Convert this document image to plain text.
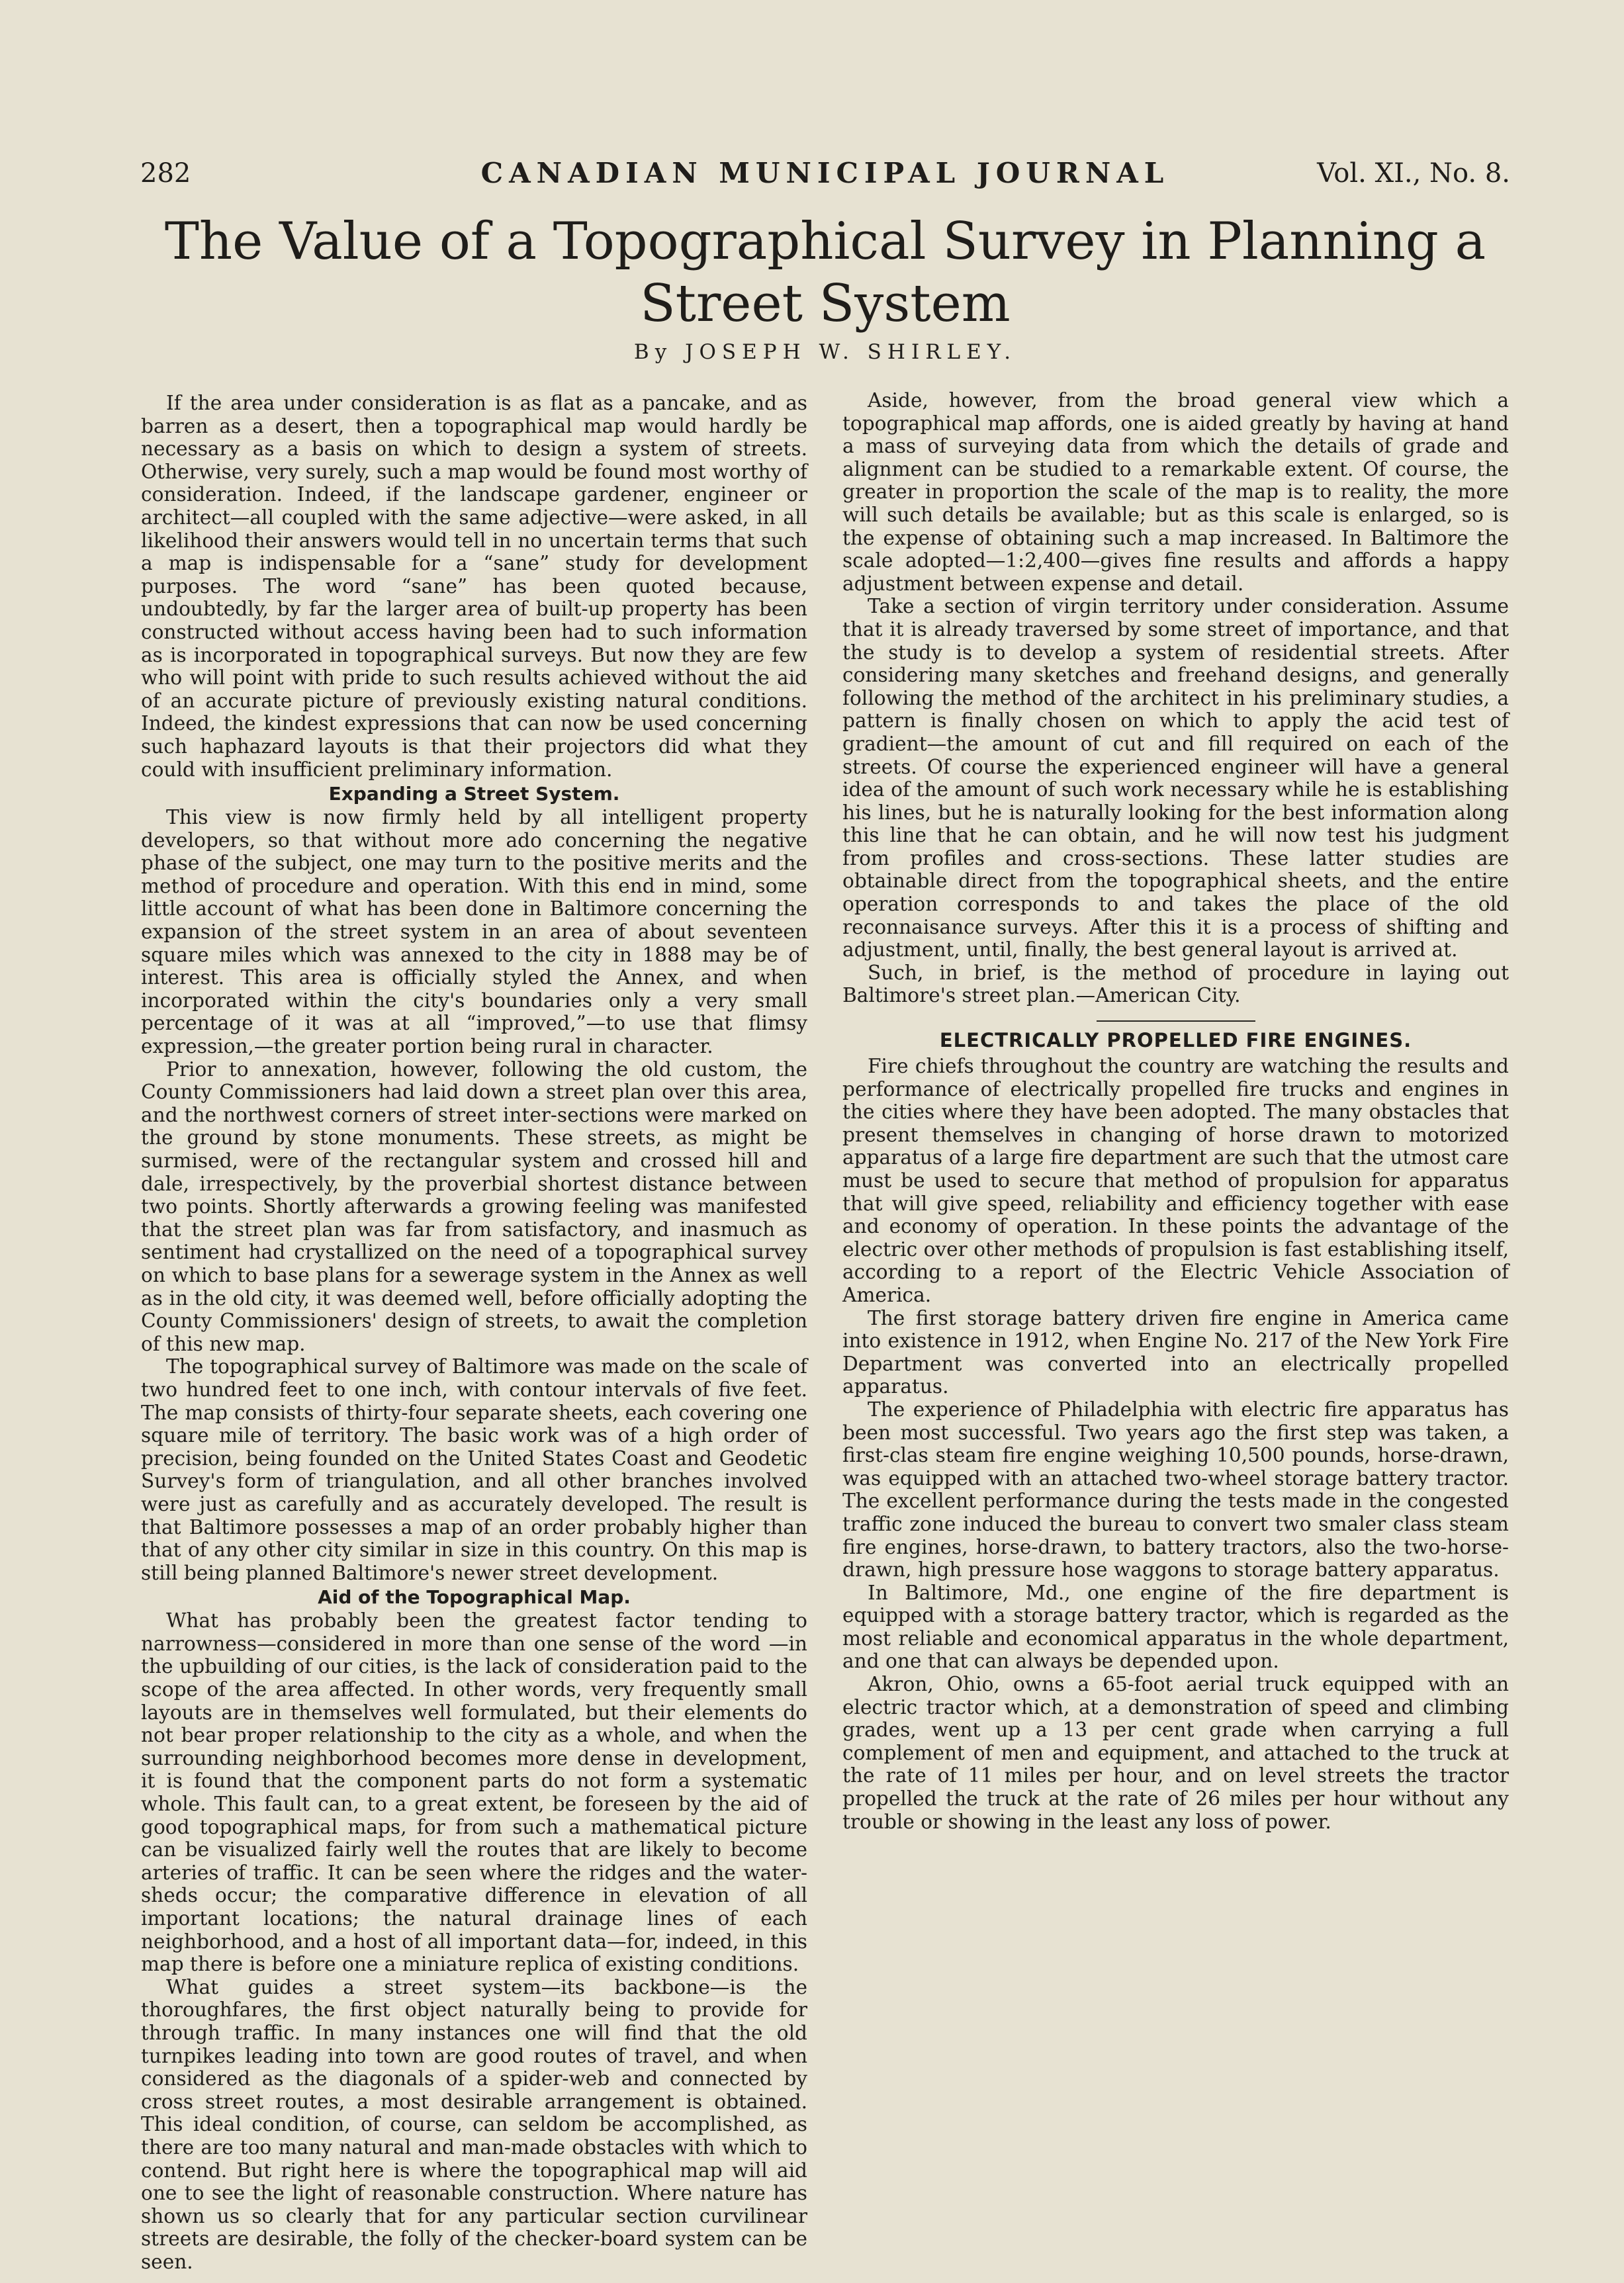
282	CANADIAN MUNICIPAL JOURNAL	Vol. XI., No. 8.
The Value of a Topographical Survey in Planning a Street System
By JOSEPH W. SHIRLEY.

If the area under consideration is as flat as a pancake, and as barren as a desert, then a topographical map would hardly be necessary as a basis on which to design a system of streets. Otherwise, very surely, such a map would be found most worthy of consideration. Indeed, if the landscape gardener, engineer or architect—all coupled with the same adjective—were asked, in all likelihood their answers would tell in no uncertain terms that such a map is indispensable for a “sane” study for development purposes. The word “sane” has been quoted because, undoubtedly, by far the larger area of built-up property has been constructed without access having been had to such information as is incorporated in topographical surveys. But now they are few who will point with pride to such results achieved without the aid of an accurate picture of previously existing natural conditions. Indeed, the kindest expressions that can now be used concerning such haphazard layouts is that their projectors did what they could with insufficient preliminary information.

Expanding a Street System.

This view is now firmly held by all intelligent property developers, so that without more ado concerning the negative phase of the subject, one may turn to the positive merits and the method of procedure and operation. With this end in mind, some little account of what has been done in Baltimore concerning the expansion of the street system in an area of about seventeen square miles which was annexed to the city in 1888 may be of interest. This area is officially styled the Annex, and when incorporated within the city's boundaries only a very small percentage of it was at all “improved,”—to use that flimsy expression,—the greater portion being rural in character.

Prior to annexation, however, following the old custom, the County Commissioners had laid down a street plan over this area, and the northwest corners of street inter-sections were marked on the ground by stone monuments. These streets, as might be surmised, were of the rectangular system and crossed hill and dale, irrespectively, by the proverbial shortest distance between two points. Shortly afterwards a growing feeling was manifested that the street plan was far from satisfactory, and inasmuch as sentiment had crystallized on the need of a topographical survey on which to base plans for a sewerage system in the Annex as well as in the old city, it was deemed well, before officially adopting the County Commissioners' design of streets, to await the completion of this new map.

The topographical survey of Baltimore was made on the scale of two hundred feet to one inch, with contour intervals of five feet. The map consists of thirty-four separate sheets, each covering one square mile of territory. The basic work was of a high order of precision, being founded on the United States Coast and Geodetic Survey's form of triangulation, and all other branches involved were just as carefully and as accurately developed. The result is that Baltimore possesses a map of an order probably higher than that of any other city similar in size in this country. On this map is still being planned Baltimore's newer street development.

Aid of the Topographical Map.

What has probably been the greatest factor tending to narrowness—considered in more than one sense of the word —in the upbuilding of our cities, is the lack of consideration paid to the scope of the area affected. In other words, very frequently small layouts are in themselves well formulated, but their elements do not bear proper relationship to the city as a whole, and when the surrounding neighborhood becomes more dense in development, it is found that the component parts do not form a systematic whole. This fault can, to a great extent, be foreseen by the aid of good topographical maps, for from such a mathematical picture can be visualized fairly well the routes that are likely to become arteries of traffic. It can be seen where the ridges and the water-sheds occur; the comparative difference in elevation of all important locations; the natural drainage lines of each neighborhood, and a host of all important data—for, indeed, in this map there is before one a miniature replica of existing conditions.

What guides a street system—its backbone—is the thoroughfares, the first object naturally being to provide for through traffic. In many instances one will find that the old turnpikes leading into town are good routes of travel, and when considered as the diagonals of a spider-web and connected by cross street routes, a most desirable arrangement is obtained. This ideal condition, of course, can seldom be accomplished, as there are too many natural and man-made obstacles with which to contend. But right here is where the topographical map will aid one to see the light of reasonable construction. Where nature has shown us so clearly that for any particular section curvilinear streets are desirable, the folly of the checker-board system can be seen.

Aside, however, from the broad general view which a topographical map affords, one is aided greatly by having at hand a mass of surveying data from which the details of grade and alignment can be studied to a remarkable extent. Of course, the greater in proportion the scale of the map is to reality, the more will such details be available; but as this scale is enlarged, so is the expense of obtaining such a map increased. In Baltimore the scale adopted—1:2,400—gives fine results and affords a happy adjustment between expense and detail.

Take a section of virgin territory under consideration. Assume that it is already traversed by some street of importance, and that the study is to develop a system of residential streets. After considering many sketches and freehand designs, and generally following the method of the architect in his preliminary studies, a pattern is finally chosen on which to apply the acid test of gradient—the amount of cut and fill required on each of the streets. Of course the experienced engineer will have a general idea of the amount of such work necessary while he is establishing his lines, but he is naturally looking for the best information along this line that he can obtain, and he will now test his judgment from profiles and cross-sections. These latter studies are obtainable direct from the topographical sheets, and the entire operation corresponds to and takes the place of the old reconnaisance surveys. After this it is a process of shifting and adjustment, until, finally, the best general layout is arrived at.

Such, in brief, is the method of procedure in laying out Baltimore's street plan.—American City.

ELECTRICALLY PROPELLED FIRE ENGINES.

Fire chiefs throughout the country are watching the results and performance of electrically propelled fire trucks and engines in the cities where they have been adopted. The many obstacles that present themselves in changing of horse drawn to motorized apparatus of a large fire department are such that the utmost care must be used to secure that method of propulsion for apparatus that will give speed, reliability and efficiency together with ease and economy of operation. In these points the advantage of the electric over other methods of propulsion is fast establishing itself, according to a report of the Electric Vehicle Association of America.

The first storage battery driven fire engine in America came into existence in 1912, when Engine No. 217 of the New York Fire Department was converted into an electrically propelled apparatus.

The experience of Philadelphia with electric fire apparatus has been most successful. Two years ago the first step was taken, a first-clas steam fire engine weighing 10,500 pounds, horse-drawn, was equipped with an attached two-wheel storage battery tractor. The excellent performance during the tests made in the congested traffic zone induced the bureau to convert two smaler class steam fire engines, horse-drawn, to battery tractors, also the two-horse-drawn, high pressure hose waggons to storage battery apparatus.

In Baltimore, Md., one engine of the fire department is equipped with a storage battery tractor, which is regarded as the most reliable and economical apparatus in the whole department, and one that can always be depended upon.

Akron, Ohio, owns a 65-foot aerial truck equipped with an electric tractor which, at a demonstration of speed and climbing grades, went up a 13 per cent grade when carrying a full complement of men and equipment, and attached to the truck at the rate of 11 miles per hour, and on level streets the tractor propelled the truck at the rate of 26 miles per hour without any trouble or showing in the least any loss of power.
